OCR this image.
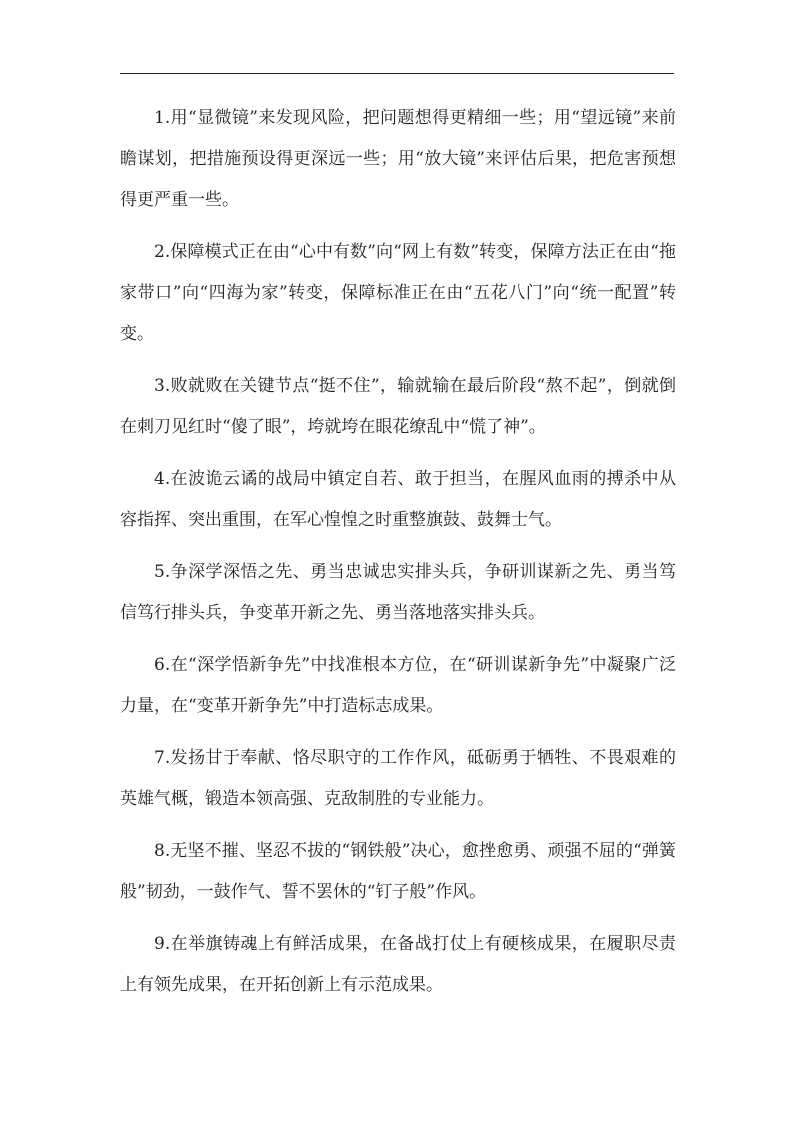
1.用“显微镜”来发现风险，把问题想得更精细一些；用“望远镜”来前瞻谋划，把措施预设得更深远一些；用“放大镜”来评估后果，把危害预想得更严重一些。

2.保障模式正在由“心中有数”向“网上有数”转变，保障方法正在由“拖家带口”向“四海为家”转变，保障标准正在由“五花八门”向“统一配置”转变。

3.败就败在关键节点“挺不住”，输就输在最后阶段“熬不起”，倒就倒在刺刀见红时“傻了眼”，垮就垮在眼花缭乱中“慌了神”。

4.在波诡云谲的战局中镇定自若、敢于担当，在腥风血雨的搏杀中从容指挥、突出重围，在军心惶惶之时重整旗鼓、鼓舞士气。

5.争深学深悟之先、勇当忠诚忠实排头兵，争研训谋新之先、勇当笃信笃行排头兵，争变革开新之先、勇当落地落实排头兵。

6.在“深学悟新争先”中找准根本方位，在“研训谋新争先”中凝聚广泛力量，在“变革开新争先”中打造标志成果。

7.发扬甘于奉献、恪尽职守的工作作风，砥砺勇于牺牲、不畏艰难的英雄气概，锻造本领高强、克敌制胜的专业能力。

8.无坚不摧、坚忍不拔的“钢铁般”决心，愈挫愈勇、顽强不屈的“弹簧般”韧劲，一鼓作气、誓不罢休的“钉子般”作风。

9.在举旗铸魂上有鲜活成果，在备战打仗上有硬核成果，在履职尽责上有领先成果，在开拓创新上有示范成果。
